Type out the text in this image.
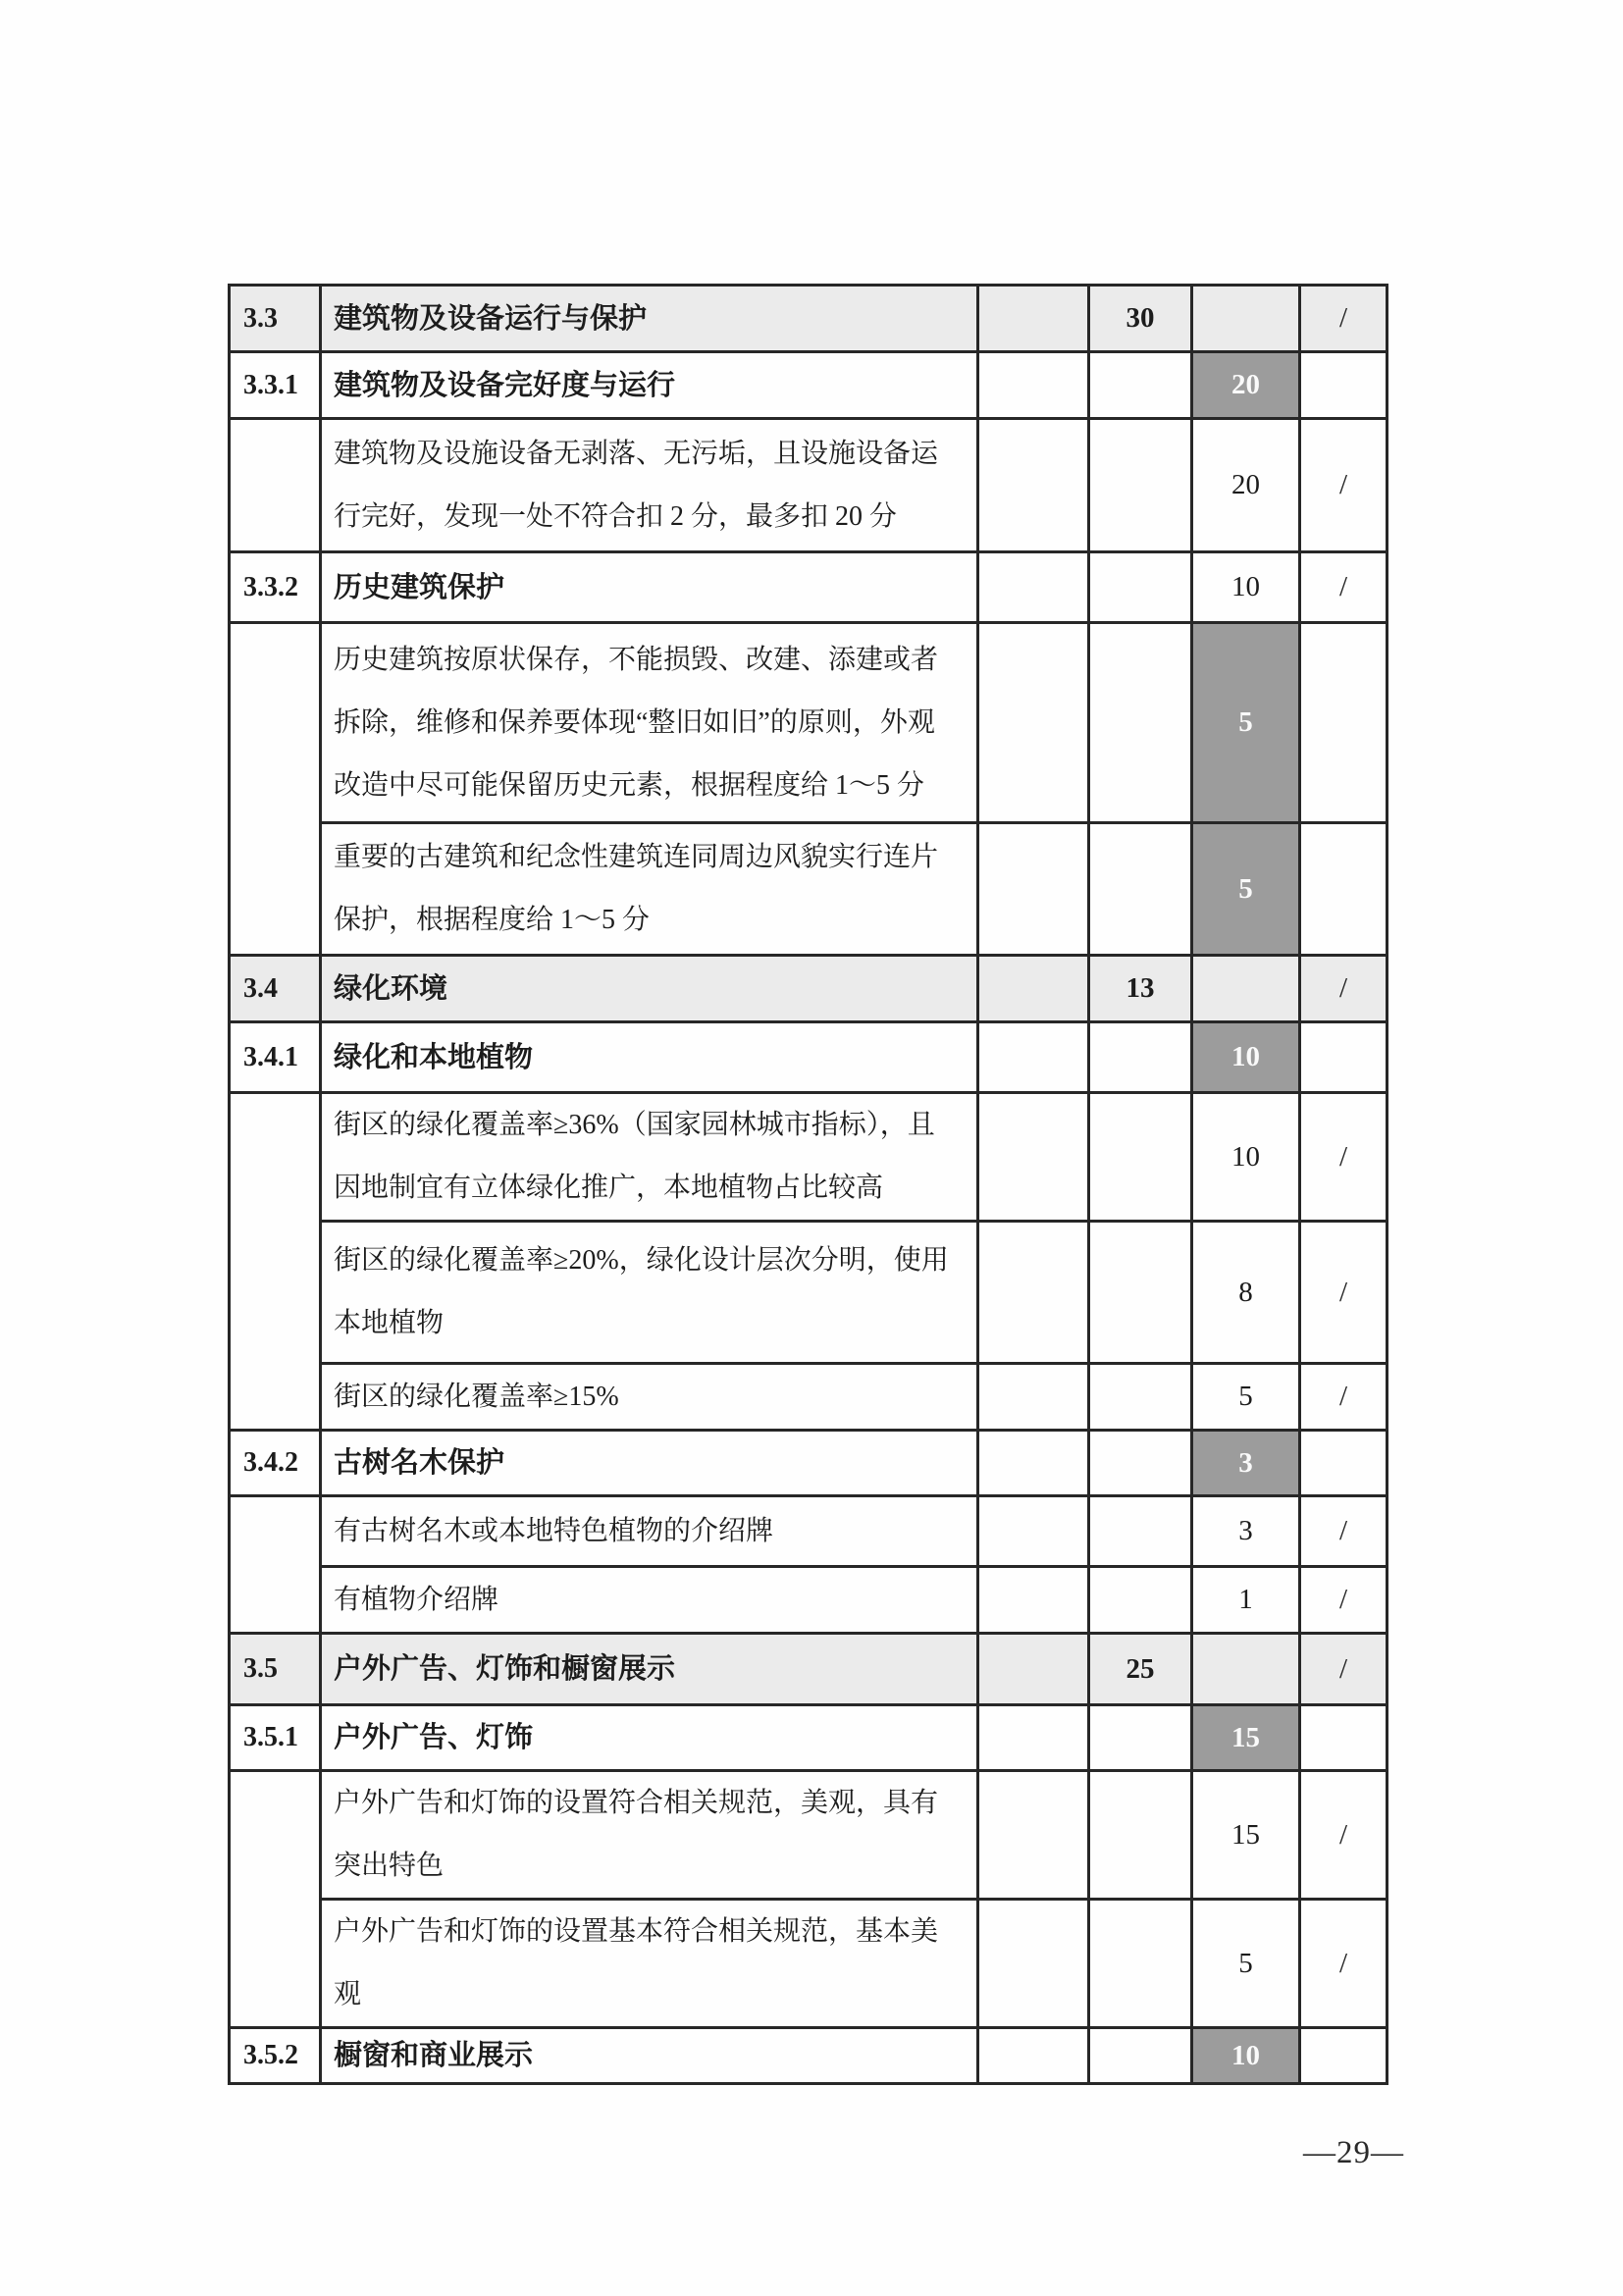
3.3	建筑物及设备运行与保护		30		/
3.3.1	建筑物及设备完好度与运行			20	
	建筑物及设施设备无剥落、无污垢，且设施设备运行完好，发现一处不符合扣 2 分，最多扣 20 分			20	/
3.3.2	历史建筑保护			10	/
	历史建筑按原状保存，不能损毁、改建、添建或者拆除，维修和保养要体现“整旧如旧”的原则，外观改造中尽可能保留历史元素，根据程度给 1～5 分			5	
	重要的古建筑和纪念性建筑连同周边风貌实行连片保护，根据程度给 1～5 分			5	
3.4	绿化环境		13		/
3.4.1	绿化和本地植物			10	
	街区的绿化覆盖率≥36%（国家园林城市指标），且因地制宜有立体绿化推广，本地植物占比较高			10	/
	街区的绿化覆盖率≥20%，绿化设计层次分明，使用本地植物			8	/
	街区的绿化覆盖率≥15%			5	/
3.4.2	古树名木保护			3	
	有古树名木或本地特色植物的介绍牌			3	/
	有植物介绍牌			1	/
3.5	户外广告、灯饰和橱窗展示		25		/
3.5.1	户外广告、灯饰			15	
	户外广告和灯饰的设置符合相关规范，美观，具有突出特色			15	/
	户外广告和灯饰的设置基本符合相关规范，基本美观			5	/
3.5.2	橱窗和商业展示			10	
—29—
